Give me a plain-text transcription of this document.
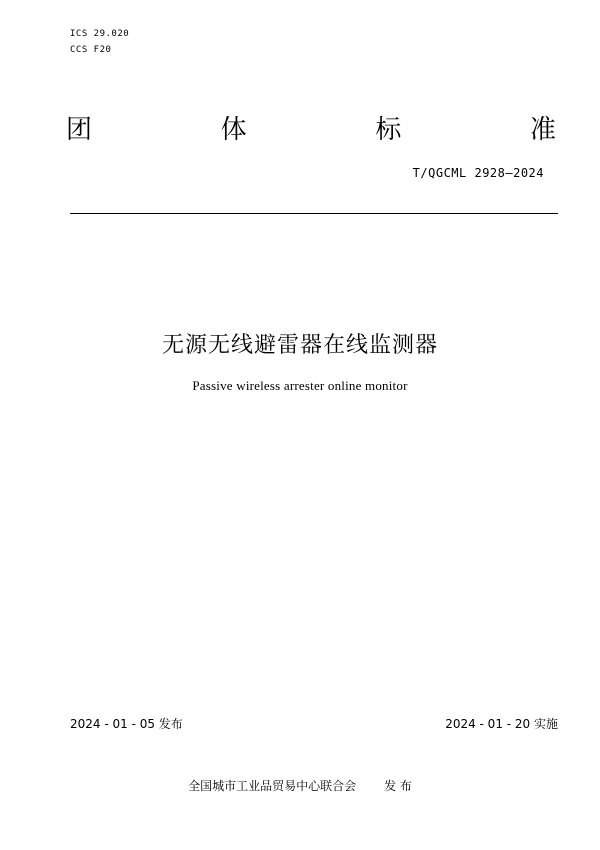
ICS 29.020
CCS F20
团	体	标	准
T/QGCML 2928—2024
无源无线避雷器在线监测器
Passive wireless arrester online monitor
2024 - 01 - 05 发布	2024 - 01 - 20 实施
全国城市工业品贸易中心联合会 发 布
